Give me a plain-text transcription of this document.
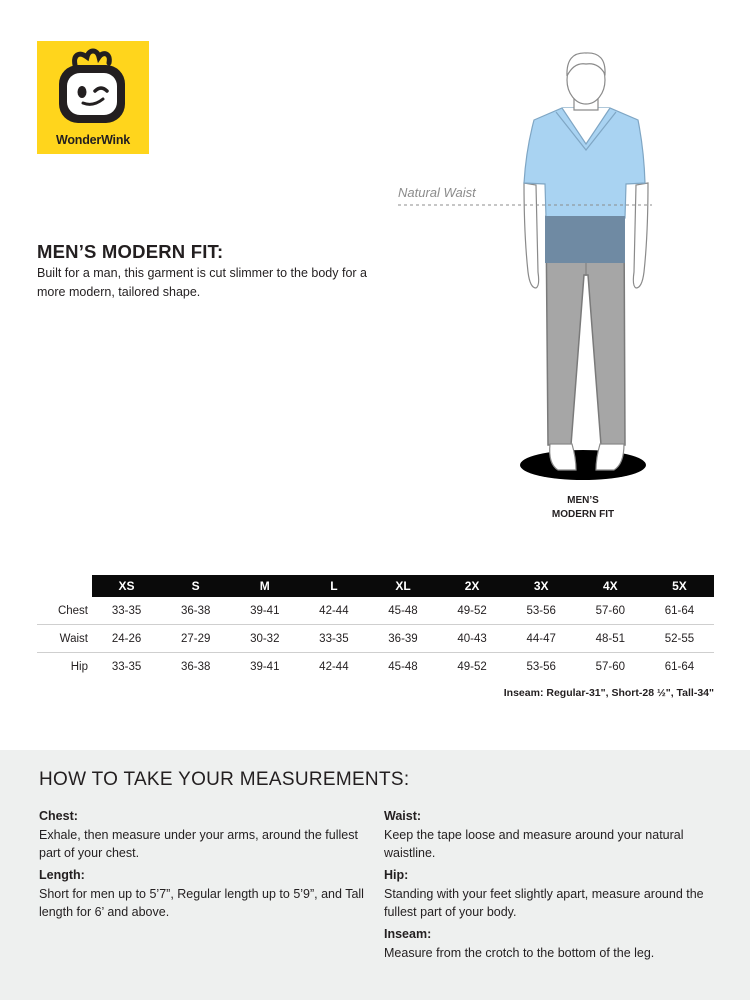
WonderWink
MEN’S MODERN FIT:

Built for a man, this garment is cut slimmer to the body for a more modern, tailored shape.

Natural Waist
MEN’S
MODERN FIT
	XS	S	M	L	XL	2X	3X	4X	5X
Chest	33-35	36-38	39-41	42-44	45-48	49-52	53-56	57-60	61-64
Waist	24-26	27-29	30-32	33-35	36-39	40-43	44-47	48-51	52-55
Hip	33-35	36-38	39-41	42-44	45-48	49-52	53-56	57-60	61-64
Inseam: Regular-31", Short-28 ½", Tall-34"
HOW TO TAKE YOUR MEASUREMENTS:
Chest:

Exhale, then measure under your arms, around the fullest part of your chest.

Length:

Short for men up to 5’7”, Regular length up to 5’9”, and Tall length for 6’ and above.

Waist:

Keep the tape loose and measure around your natural waistline.

Hip:

Standing with your feet slightly apart, measure around the fullest part of your body.

Inseam:

Measure from the crotch to the bottom of the leg.
